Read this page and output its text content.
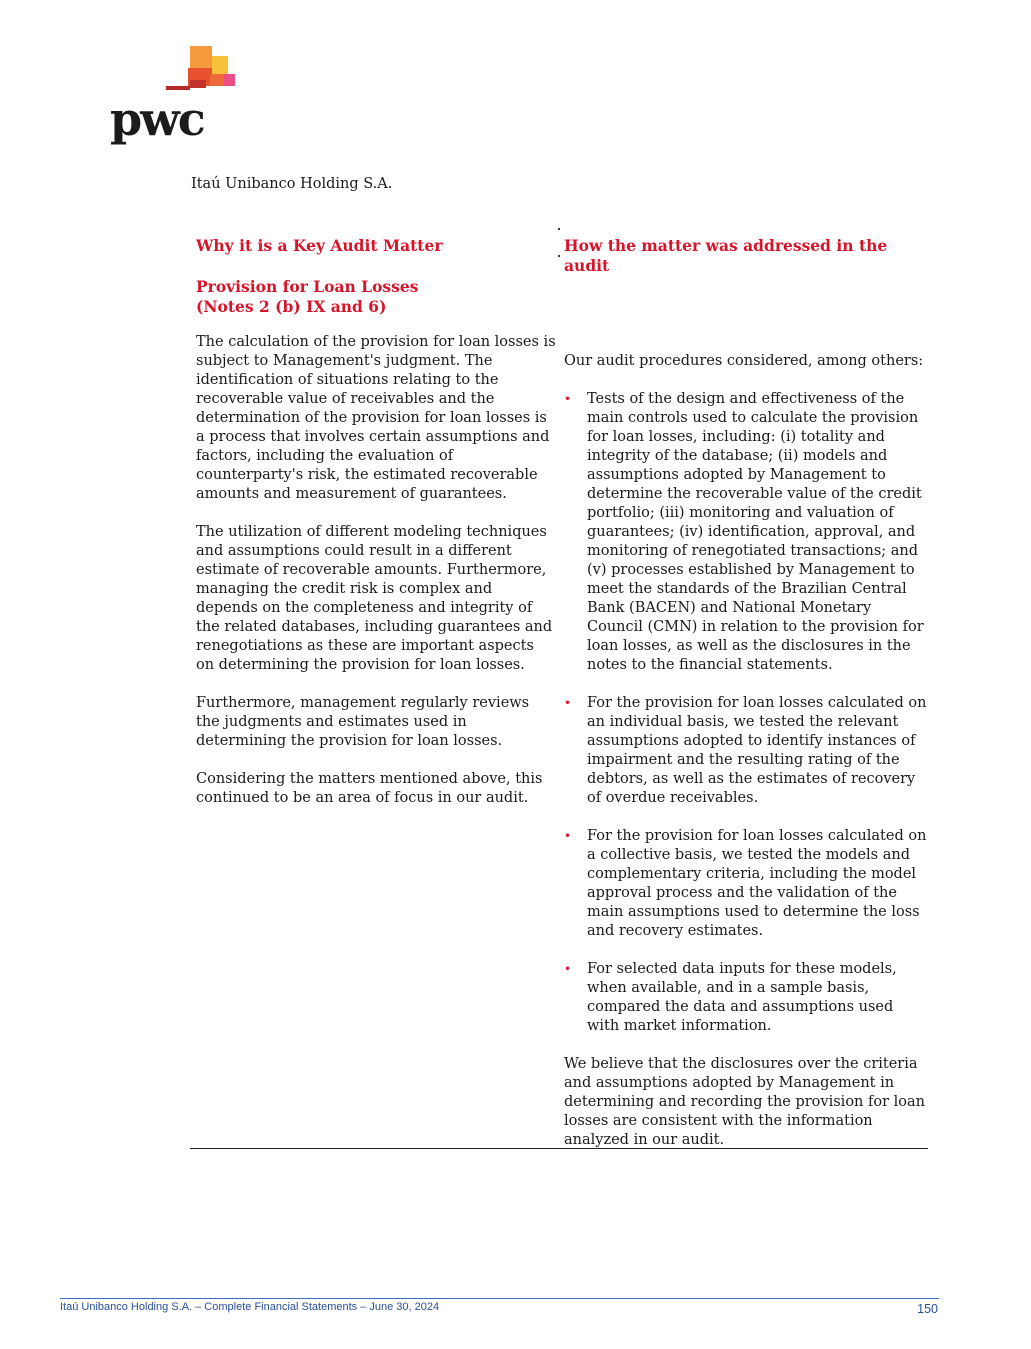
pwc
Itaú Unibanco Holding S.A.
Why it is a Key Audit Matter
Provision for Loan Losses
(Notes 2 (b) IX and 6)

The calculation of the provision for loan losses is subject to Management's judgment. The identification of situations relating to the recoverable value of receivables and the determination of the provision for loan losses is a process that involves certain assumptions and factors, including the evaluation of counterparty's risk, the estimated recoverable amounts and measurement of guarantees.

The utilization of different modeling techniques and assumptions could result in a different estimate of recoverable amounts. Furthermore, managing the credit risk is complex and depends on the completeness and integrity of the related databases, including guarantees and renegotiations as these are important aspects on determining the provision for loan losses.

Furthermore, management regularly reviews the judgments and estimates used in determining the provision for loan losses.

Considering the matters mentioned above, this continued to be an area of focus in our audit.

How the matter was addressed in the audit

Our audit procedures considered, among others:

• Tests of the design and effectiveness of the main controls used to calculate the provision for loan losses, including: (i) totality and integrity of the database; (ii) models and assumptions adopted by Management to determine the recoverable value of the credit portfolio; (iii) monitoring and valuation of guarantees; (iv) identification, approval, and monitoring of renegotiated transactions; and (v) processes established by Management to meet the standards of the Brazilian Central Bank (BACEN) and National Monetary Council (CMN) in relation to the provision for loan losses, as well as the disclosures in the notes to the financial statements.
• For the provision for loan losses calculated on an individual basis, we tested the relevant assumptions adopted to identify instances of impairment and the resulting rating of the debtors, as well as the estimates of recovery of overdue receivables.
• For the provision for loan losses calculated on a collective basis, we tested the models and complementary criteria, including the model approval process and the validation of the main assumptions used to determine the loss and recovery estimates.
• For selected data inputs for these models, when available, and in a sample basis, compared the data and assumptions used with market information.

We believe that the disclosures over the criteria and assumptions adopted by Management in determining and recording the provision for loan losses are consistent with the information analyzed in our audit.

Itaú Unibanco Holding S.A. – Complete Financial Statements – June 30, 2024	150
